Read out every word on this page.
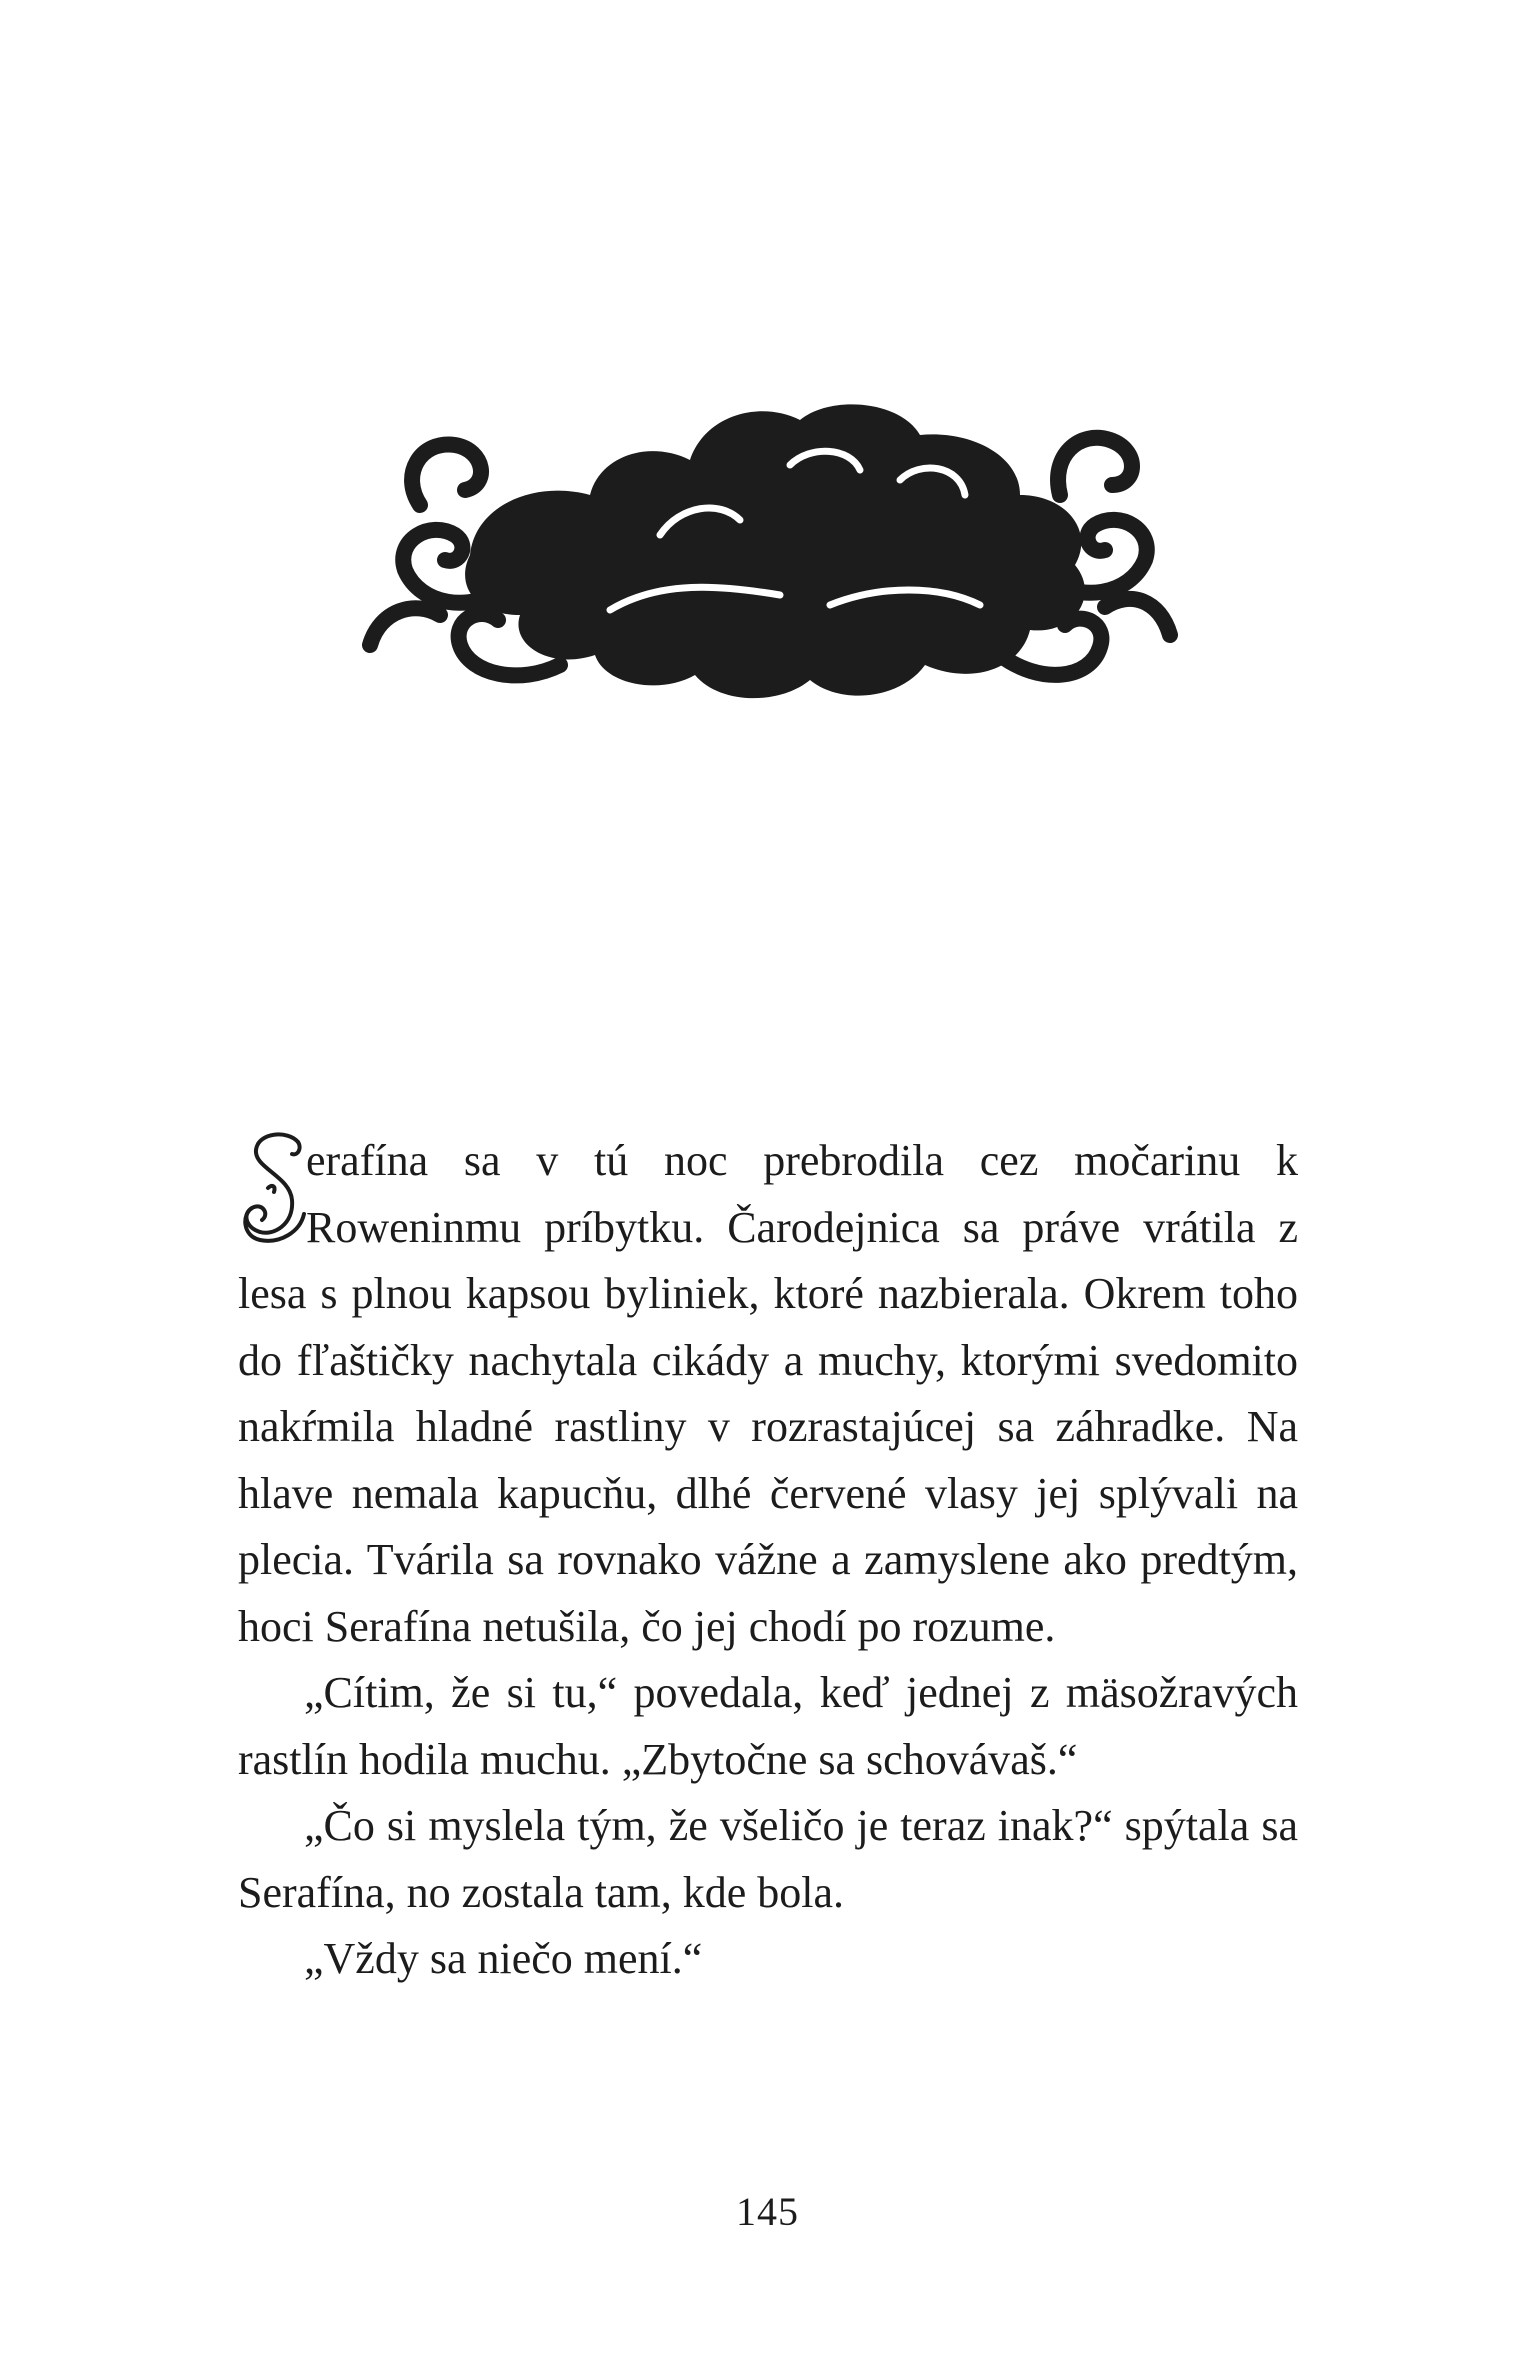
28

erafína sa v tú noc prebrodila cez močarinu k Roweninmu príbytku. Čarodejnica sa práve vrátila z lesa s plnou kapsou byliniek, ktoré nazbierala. Okrem toho do fľaštičky nachytala cikády a muchy, ktorými svedomito nakŕmila hladné rastliny v rozrastajúcej sa záhradke. Na hlave nemala kapucňu, dlhé červené vlasy jej splývali na plecia. Tvárila sa rovnako vážne a zamyslene ako predtým, hoci Serafína netušila, čo jej chodí po rozume.

„Cítim, že si tu,“ povedala, keď jednej z mäsožravých rastlín hodila muchu. „Zbytočne sa schovávaš.“

„Čo si myslela tým, že všeličo je teraz inak?“ spýtala sa Serafína, no zostala tam, kde bola.

„Vždy sa niečo mení.“

145
